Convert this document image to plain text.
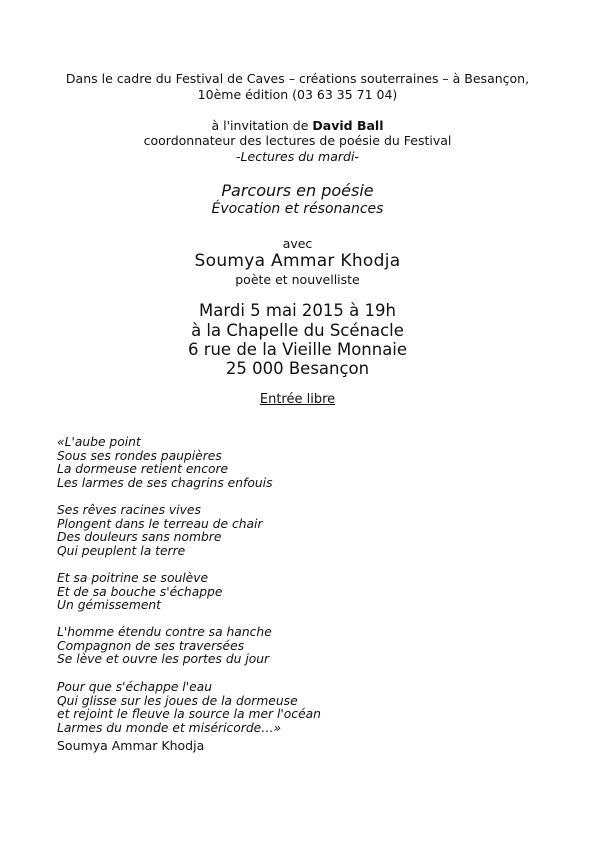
Dans le cadre du Festival de Caves – créations souterraines – à Besançon,
10ème édition (03 63 35 71 04)
à l'invitation de David Ball
coordonnateur des lectures de poésie du Festival
-Lectures du mardi-
Parcours en poésie
Évocation et résonances
avec
Soumya Ammar Khodja
poète et nouvelliste
Mardi 5 mai 2015 à 19h
à la Chapelle du Scénacle
6 rue de la Vieille Monnaie
25 000 Besançon
Entrée libre
«L'aube point
Sous ses rondes paupières
La dormeuse retient encore
Les larmes de ses chagrins enfouis
Ses rêves racines vives
Plongent dans le terreau de chair
Des douleurs sans nombre
Qui peuplent la terre
Et sa poitrine se soulève
Et de sa bouche s'échappe
Un gémissement
L'homme étendu contre sa hanche
Compagnon de ses traversées
Se lève et ouvre les portes du jour
Pour que s'échappe l'eau
Qui glisse sur les joues de la dormeuse
et rejoint le fleuve la source la mer l'océan
Larmes du monde et miséricorde…»
Soumya Ammar Khodja
